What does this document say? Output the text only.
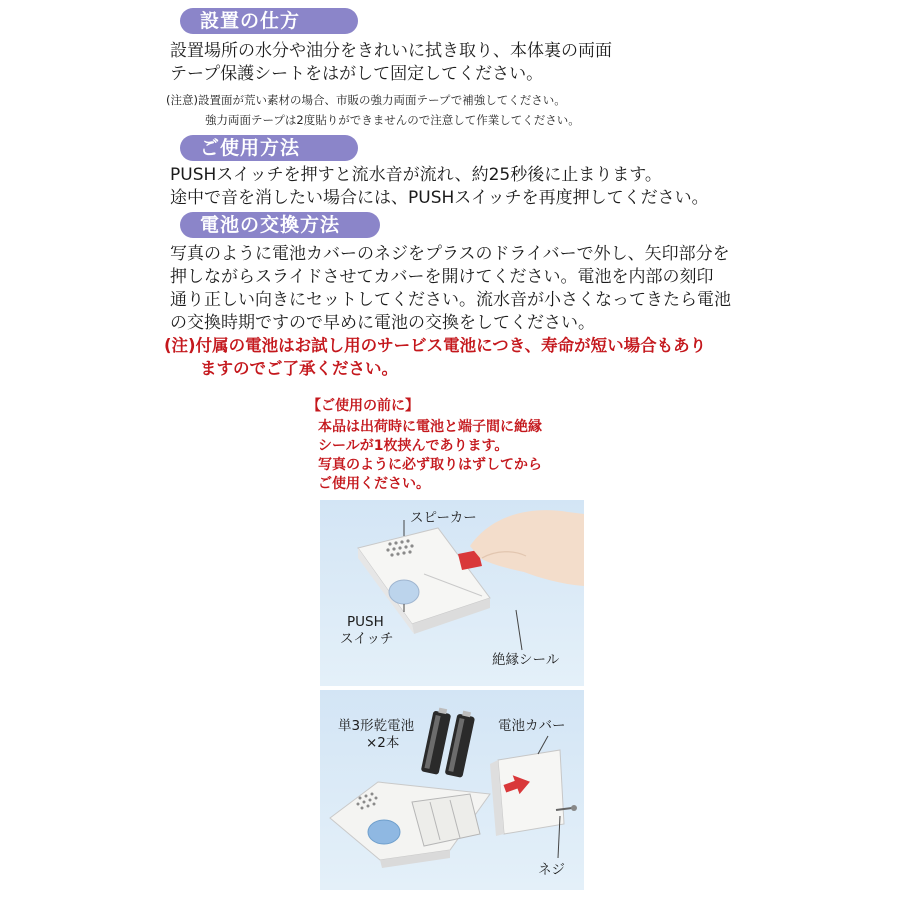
設置の仕方
設置場所の水分や油分をきれいに拭き取り、本体裏の両面
テープ保護シートをはがして固定してください。
(注意)設置面が荒い素材の場合、市販の強力両面テープで補強してください。
強力両面テープは2度貼りができませんので注意して作業してください。
ご使用方法
PUSHスイッチを押すと流水音が流れ、約25秒後に止まります。
途中で音を消したい場合には、PUSHスイッチを再度押してください。
電池の交換方法
写真のように電池カバーのネジをプラスのドライバーで外し、矢印部分を
押しながらスライドさせてカバーを開けてください。電池を内部の刻印
通り正しい向きにセットしてください。流水音が小さくなってきたら電池
の交換時期ですので早めに電池の交換をしてください。
(注)付属の電池はお試し用のサービス電池につき、寿命が短い場合もあり
ますのでご了承ください。
【ご使用の前に】
本品は出荷時に電池と端子間に絶縁
シールが1枚挟んであります。
写真のように必ず取りはずしてから
ご使用ください。
スピーカー
PUSH
スイッチ
絶縁シール
単3形乾電池
×2本
電池カバー
ネジ
